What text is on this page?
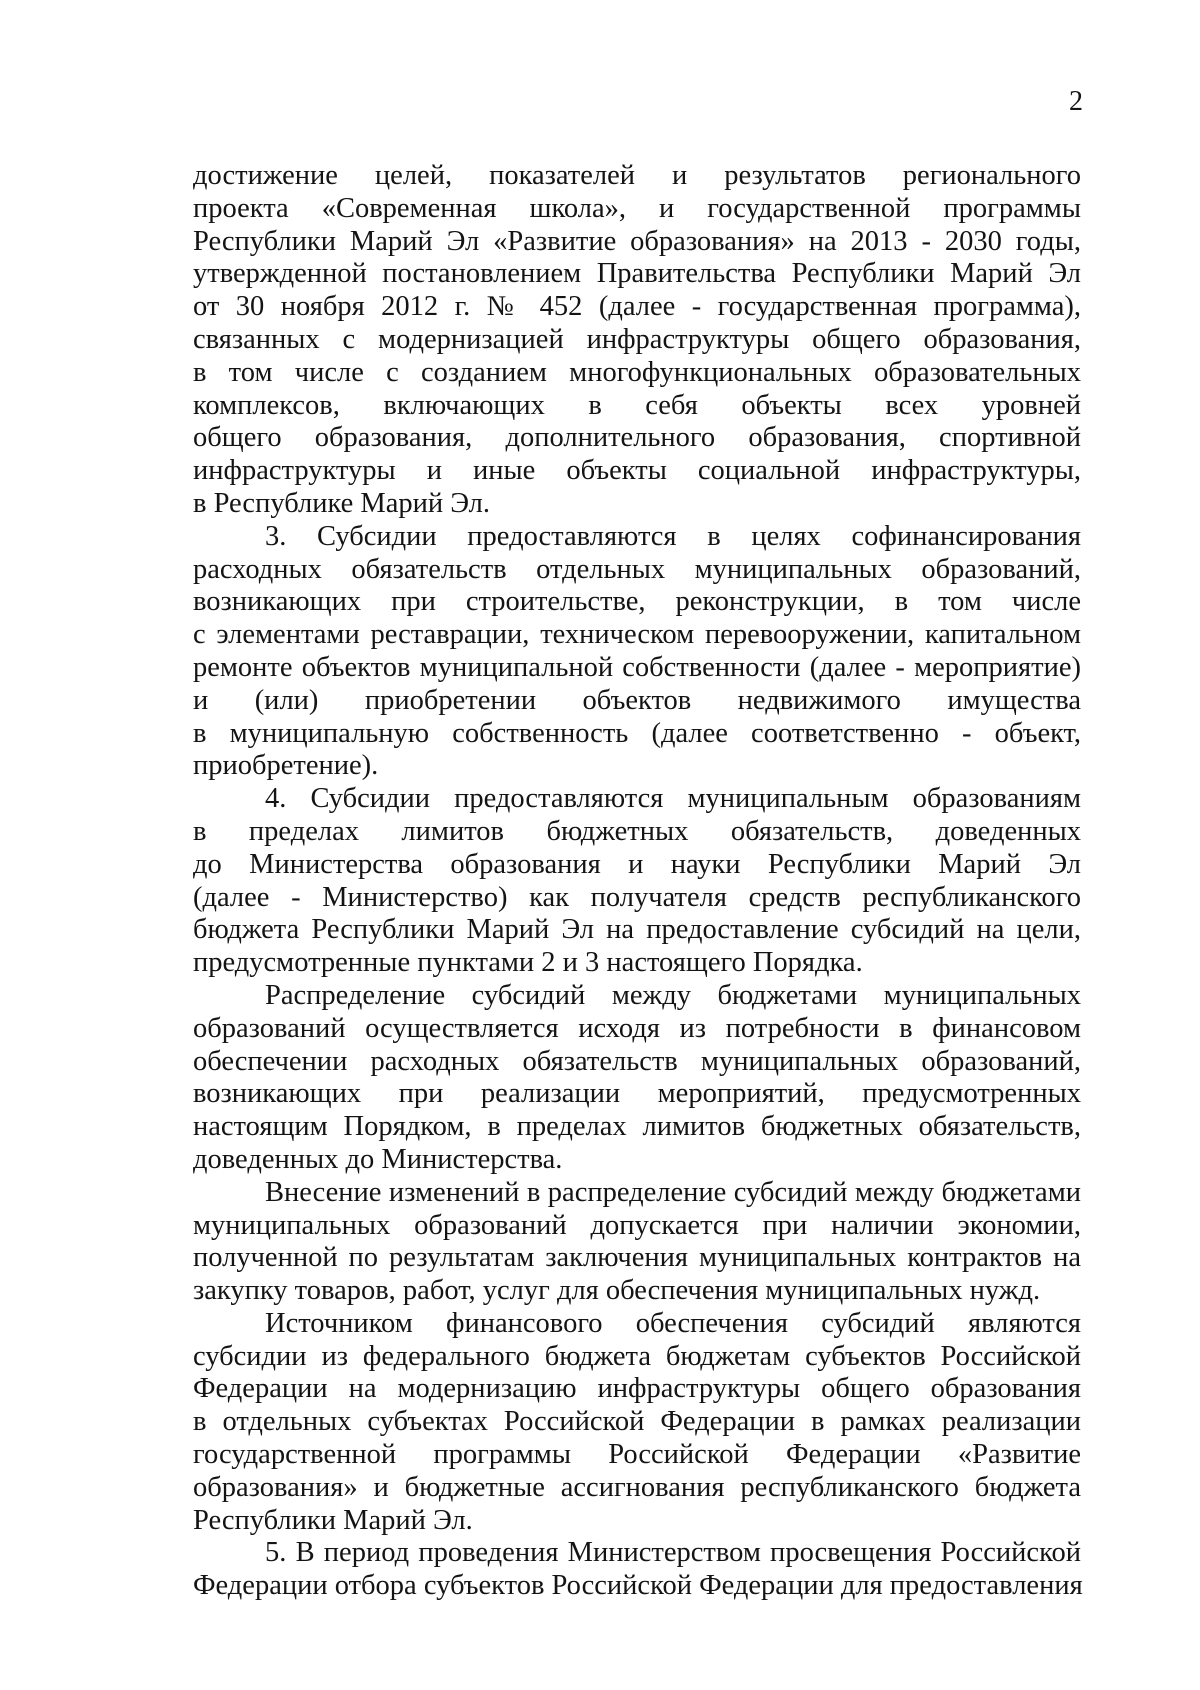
2
достижение целей, показателей и результатов регионального
проекта «Современная школа», и государственной программы
Республики Марий Эл «Развитие образования» на 2013 - 2030 годы,
утвержденной постановлением Правительства Республики Марий Эл
от 30 ноября 2012 г. № 452 (далее - государственная программа),
связанных с модернизацией инфраструктуры общего образования,
в том числе с созданием многофункциональных образовательных
комплексов, включающих в себя объекты всех уровней
общего образования, дополнительного образования, спортивной
инфраструктуры и иные объекты социальной инфраструктуры,
в Республике Марий Эл.
3. Субсидии предоставляются в целях софинансирования
расходных обязательств отдельных муниципальных образований,
возникающих при строительстве, реконструкции, в том числе
с элементами реставрации, техническом перевооружении, капитальном
ремонте объектов муниципальной собственности (далее - мероприятие)
и (или) приобретении объектов недвижимого имущества
в муниципальную собственность (далее соответственно - объект,
приобретение).
4. Субсидии предоставляются муниципальным образованиям
в пределах лимитов бюджетных обязательств, доведенных
до Министерства образования и науки Республики Марий Эл
(далее - Министерство) как получателя средств республиканского
бюджета Республики Марий Эл на предоставление субсидий на цели,
предусмотренные пунктами 2 и 3 настоящего Порядка.
Распределение субсидий между бюджетами муниципальных
образований осуществляется исходя из потребности в финансовом
обеспечении расходных обязательств муниципальных образований,
возникающих при реализации мероприятий, предусмотренных
настоящим Порядком, в пределах лимитов бюджетных обязательств,
доведенных до Министерства.
Внесение изменений в распределение субсидий между бюджетами
муниципальных образований допускается при наличии экономии,
полученной по результатам заключения муниципальных контрактов на
закупку товаров, работ, услуг для обеспечения муниципальных нужд.
Источником финансового обеспечения субсидий являются
субсидии из федерального бюджета бюджетам субъектов Российской
Федерации на модернизацию инфраструктуры общего образования
в отдельных субъектах Российской Федерации в рамках реализации
государственной программы Российской Федерации «Развитие
образования» и бюджетные ассигнования республиканского бюджета
Республики Марий Эл.
5. В период проведения Министерством просвещения Российской
Федерации отбора субъектов Российской Федерации для предоставления
